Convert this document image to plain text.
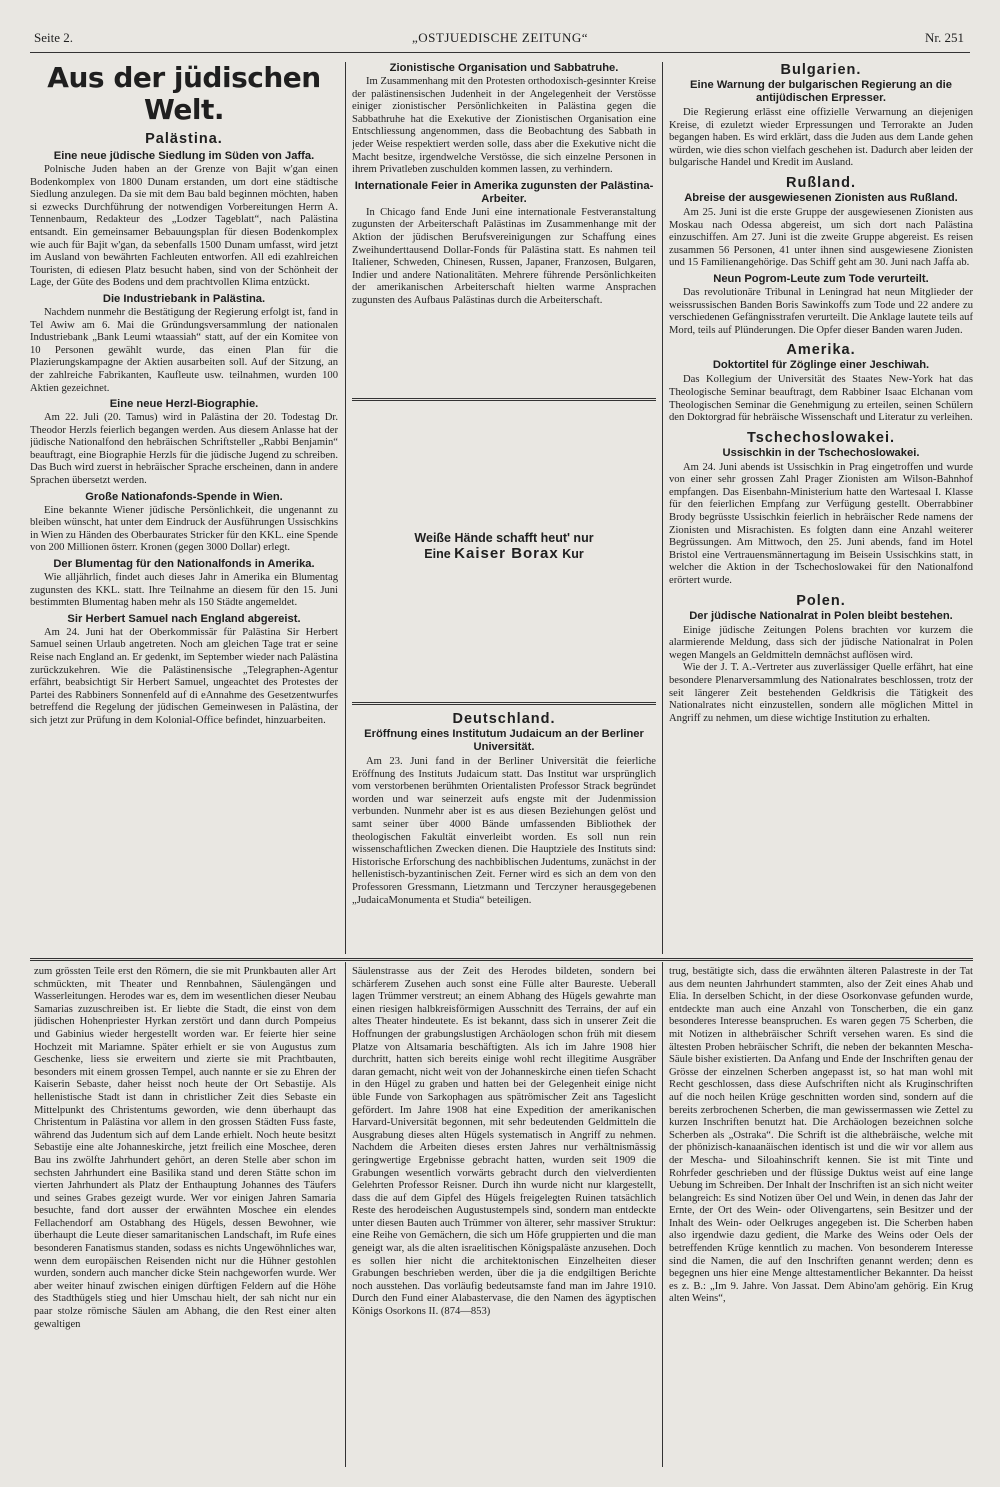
Seite 2.	„OSTJUEDISCHE ZEITUNG“	Nr. 251
Aus der jüdischen Welt.
Palästina.
Eine neue jüdische Siedlung im Süden von Jaffa.

Polnische Juden haben an der Grenze von Bajit w'gan einen Bodenkomplex von 1800 Dunam erstanden, um dort eine städtische Siedlung anzulegen. Da sie mit dem Bau bald beginnen möchten, haben si ezwecks Durchführung der notwendigen Vorbereitungen Herrn A. Tennenbaum, Redakteur des „Lodzer Tageblatt“, nach Palästina entsandt. Ein gemeinsamer Bebauungsplan für diesen Bodenkomplex wie auch für Bajit w'gan, da sebenfalls 1500 Dunam umfasst, wird jetzt im Ausland von bewährten Fachleuten entworfen. All edi ezahlreichen Touristen, di ediesen Platz besucht haben, sind von der Schönheit der Lage, der Güte des Bodens und dem prachtvollen Klima entzückt.

Die Industriebank in Palästina.

Nachdem nunmehr die Bestätigung der Regierung erfolgt ist, fand in Tel Awiw am 6. Mai die Gründungsversammlung der nationalen Industriebank „Bank Leumi wtaassiah“ statt, auf der ein Komitee von 10 Personen gewählt wurde, das einen Plan für die Plazierungskampagne der Aktien ausarbeiten soll. Auf der Sitzung, an der zahlreiche Fabrikanten, Kaufleute usw. teilnahmen, wurden 100 Aktien gezeichnet.

Eine neue Herzl-Biographie.

Am 22. Juli (20. Tamus) wird in Palästina der 20. Todestag Dr. Theodor Herzls feierlich begangen werden. Aus diesem Anlasse hat der jüdische Nationalfond den hebräischen Schriftsteller „Rabbi Benjamin“ beauftragt, eine Biographie Herzls für die jüdische Jugend zu schreiben. Das Buch wird zuerst in hebräischer Sprache erscheinen, dann in andere Sprachen übersetzt werden.

Große Nationafonds-Spende in Wien.

Eine bekannte Wiener jüdische Persönlichkeit, die ungenannt zu bleiben wünscht, hat unter dem Eindruck der Ausführungen Ussischkins in Wien zu Händen des Oberbaurates Stricker für den KKL. eine Spende von 200 Millionen österr. Kronen (gegen 3000 Dollar) erlegt.

Der Blumentag für den Nationalfonds in Amerika.

Wie alljährlich, findet auch dieses Jahr in Amerika ein Blumentag zugunsten des KKL. statt. Ihre Teilnahme an diesem für den 15. Juni bestimmten Blumentag haben mehr als 150 Städte angemeldet.

Sir Herbert Samuel nach England abgereist.

Am 24. Juni hat der Oberkommissär für Palästina Sir Herbert Samuel seinen Urlaub angetreten. Noch am gleichen Tage trat er seine Reise nach England an. Er gedenkt, im September wieder nach Palästina zurückzukehren. Wie die Palästinensische „Telegraphen-Agentur erfährt, beabsichtigt Sir Herbert Samuel, ungeachtet des Protestes der Partei des Rabbiners Sonnenfeld auf di eAnnahme des Gesetzentwurfes betreffend die Regelung der jüdischen Gemeinwesen in Palästina, der sich jetzt zur Prüfung in dem Kolonial-Office befindet, hinzuarbeiten.

Zionistische Organisation und Sabbatruhe.

Im Zusammenhang mit den Protesten orthodoxisch-gesinnter Kreise der palästinensischen Judenheit in der Angelegenheit der Verstösse einiger zionistischer Persönlichkeiten in Palästina gegen die Sabbathruhe hat die Exekutive der Zionistischen Organisation eine Entschliessung angenommen, dass die Beobachtung des Sabbath in jeder Weise respektiert werden solle, dass aber die Exekutive nicht die Macht besitze, irgendwelche Verstösse, die sich einzelne Personen in ihrem Privatleben zuschulden kommen lassen, zu verhindern.

Internationale Feier in Amerika zugunsten der Palästina-Arbeiter.

In Chicago fand Ende Juni eine internationale Festveranstaltung zugunsten der Arbeiterschaft Palästinas im Zusammenhange mit der Aktion der jüdischen Berufsvereinigungen zur Schaffung eines Zweihunderttausend Dollar-Fonds für Palästina statt. Es nahmen teil Italiener, Schweden, Chinesen, Russen, Japaner, Franzosen, Bulgaren, Indier und andere Nationalitäten. Mehrere führende Persönlichkeiten der amerikanischen Arbeiterschaft hielten warme Ansprachen zugunsten des Aufbaus Palästinas durch die Arbeiterschaft.

Weiße Hände schafft heut' nur
Eine Kaiser Borax Kur
Deutschland.
Eröffnung eines Institutum Judaicum an der Berliner Universität.

Am 23. Juni fand in der Berliner Universität die feierliche Eröffnung des Instituts Judaicum statt. Das Institut war ursprünglich vom verstorbenen berühmten Orientalisten Professor Strack begründet worden und war seinerzeit aufs engste mit der Judenmission verbunden. Nunmehr aber ist es aus diesen Beziehungen gelöst und samt seiner über 4000 Bände umfassenden Bibliothek der theologischen Fakultät einverleibt worden. Es soll nun rein wissenschaftlichen Zwecken dienen. Die Hauptziele des Instituts sind: Historische Erforschung des nachbiblischen Judentums, zunächst in der hellenistisch-byzantinischen Zeit. Ferner wird es sich an dem von den Professoren Gressmann, Lietzmann und Terczyner herausgegebenen „JudaicaMonumenta et Studia“ beteiligen.

Bulgarien.
Eine Warnung der bulgarischen Regierung an die antijüdischen Erpresser.

Die Regierung erlässt eine offizielle Verwarnung an diejenigen Kreise, di ezuletzt wieder Erpressungen und Terrorakte an Juden begangen haben. Es wird erklärt, dass die Juden aus dem Lande gehen würden, wie dies schon vielfach geschehen ist. Dadurch aber leiden der bulgarische Handel und Kredit im Ausland.

Rußland.
Abreise der ausgewiesenen Zionisten aus Rußland.

Am 25. Juni ist die erste Gruppe der ausgewiesenen Zionisten aus Moskau nach Odessa abgereist, um sich dort nach Palästina einzuschiffen. Am 27. Juni ist die zweite Gruppe abgereist. Es reisen zusammen 56 Personen, 41 unter ihnen sind ausgewiesene Zionisten und 15 Familienangehörige. Das Schiff geht am 30. Juni nach Jaffa ab.

Neun Pogrom-Leute zum Tode verurteilt.

Das revolutionäre Tribunal in Leningrad hat neun Mitglieder der weissrussischen Banden Boris Sawinkoffs zum Tode und 22 andere zu verschiedenen Gefängnisstrafen verurteilt. Die Anklage lautete teils auf Mord, teils auf Plünderungen. Die Opfer dieser Banden waren Juden.

Amerika.
Doktortitel für Zöglinge einer Jeschiwah.

Das Kollegium der Universität des Staates New-York hat das Theologische Seminar beauftragt, dem Rabbiner Isaac Elchanan vom Theologischen Seminar die Genehmigung zu erteilen, seinen Schülern den Doktorgrad für hebräische Wissenschaft und Literatur zu verleihen.

Tschechoslowakei.
Ussischkin in der Tschechoslowakei.

Am 24. Juni abends ist Ussischkin in Prag eingetroffen und wurde von einer sehr grossen Zahl Prager Zionisten am Wilson-Bahnhof empfangen. Das Eisenbahn-Ministerium hatte den Wartesaal I. Klasse für den feierlichen Empfang zur Verfügung gestellt. Oberrabbiner Brody begrüsste Ussischkin feierlich in hebräischer Rede namens der Zionisten und Misrachisten. Es folgten dann eine Anzahl weiterer Begrüssungen. Am Mittwoch, den 25. Juni abends, fand im Hotel Bristol eine Vertrauensmännertagung im Beisein Ussischkins statt, in welcher die Aktion in der Tschechoslowakei für den Nationalfond erörtert wurde.

Polen.
Der jüdische Nationalrat in Polen bleibt bestehen.

Einige jüdische Zeitungen Polens brachten vor kurzem die alarmierende Meldung, dass sich der jüdische Nationalrat in Polen wegen Mangels an Geldmitteln demnächst auflösen wird.

Wie der J. T. A.-Vertreter aus zuverlässiger Quelle erfährt, hat eine besondere Plenarversammlung des Nationalrates beschlossen, trotz der seit längerer Zeit bestehenden Geldkrisis die Tätigkeit des Nationalrates nicht einzustellen, sondern alle möglichen Mittel in Angriff zu nehmen, um diese wichtige Institution zu erhalten.

zum grössten Teile erst den Römern, die sie mit Prunkbauten aller Art schmückten, mit Theater und Rennbahnen, Säulengängen und Wasserleitungen. Herodes war es, dem im wesentlichen dieser Neubau Samarias zuzuschreiben ist. Er liebte die Stadt, die einst von dem jüdischen Hohenpriester Hyrkan zerstört und dann durch Pompeius und Gabinius wieder hergestellt worden war. Er feierte hier seine Hochzeit mit Mariamne. Später erhielt er sie von Augustus zum Geschenke, liess sie erweitern und zierte sie mit Prachtbauten, besonders mit einem grossen Tempel, auch nannte er sie zu Ehren der Kaiserin Sebaste, daher heisst noch heute der Ort Sebastije. Als hellenistische Stadt ist dann in christlicher Zeit dies Sebaste ein Mittelpunkt des Christentums geworden, wie denn überhaupt das Christentum in Palästina vor allem in den grossen Städten Fuss faste, während das Judentum sich auf dem Lande erhielt. Noch heute besitzt Sebastije eine alte Johanneskirche, jetzt freilich eine Moschee, deren Bau ins zwölfte Jahrhundert gehört, an deren Stelle aber schon im sechsten Jahrhundert eine Basilika stand und deren Stätte schon im vierten Jahrhundert als Platz der Enthauptung Johannes des Täufers und seines Grabes gezeigt wurde. Wer vor einigen Jahren Samaria besuchte, fand dort ausser der erwähnten Moschee ein elendes Fellachendorf am Ostabhang des Hügels, dessen Bewohner, wie überhaupt die Leute dieser samaritanischen Landschaft, im Rufe eines besonderen Fanatismus standen, sodass es nichts Ungewöhnliches war, wenn dem europäischen Reisenden nicht nur die Hühner gestohlen wurden, sondern auch mancher dicke Stein nachgeworfen wurde. Wer aber weiter hinauf zwischen einigen dürftigen Feldern auf die Höhe des Stadthügels stieg und hier Umschau hielt, der sah nicht nur ein paar stolze römische Säulen am Abhang, die den Rest einer alten gewaltigen

Säulenstrasse aus der Zeit des Herodes bildeten, sondern bei schärferem Zusehen auch sonst eine Fülle alter Baureste. Ueberall lagen Trümmer verstreut; an einem Abhang des Hügels gewahrte man einen riesigen halbkreisförmigen Ausschnitt des Terrains, der auf ein altes Theater hindeutete. Es ist bekannt, dass sich in unserer Zeit die Hoffnungen der grabungslustigen Archäologen schon früh mit diesem Platze von Altsamaria beschäftigten. Als ich im Jahre 1908 hier durchritt, hatten sich bereits einige wohl recht illegitime Ausgräber daran gemacht, nicht weit von der Johanneskirche einen tiefen Schacht in den Hügel zu graben und hatten bei der Gelegenheit einige nicht üble Funde von Sarkophagen aus spätrömischer Zeit ans Tageslicht gefördert. Im Jahre 1908 hat eine Expedition der amerikanischen Harvard-Universität begonnen, mit sehr bedeutenden Geldmitteln die Ausgrabung dieses alten Hügels systematisch in Angriff zu nehmen. Nachdem die Arbeiten dieses ersten Jahres nur verhältnismässig geringwertige Ergebnisse gebracht hatten, wurden seit 1909 die Grabungen wesentlich vorwärts gebracht durch den vielverdienten Gelehrten Professor Reisner. Durch ihn wurde nicht nur klargestellt, dass die auf dem Gipfel des Hügels freigelegten Ruinen tatsächlich Reste des herodeischen Augustustempels sind, sondern man entdeckte unter diesen Bauten auch Trümmer von älterer, sehr massiver Struktur: eine Reihe von Gemächern, die sich um Höfe gruppierten und die man geneigt war, als die alten israelitischen Königspaläste anzusehen. Doch es sollen hier nicht die architektonischen Einzelheiten dieser Grabungen beschrieben werden, über die ja die endgiltigen Berichte noch ausstehen. Das vorläufig bedeutsamste fand man im Jahre 1910. Durch den Fund einer Alabastervase, die den Namen des ägyptischen Königs Osorkons II. (874—853)

trug, bestätigte sich, dass die erwähnten älteren Palastreste in der Tat aus dem neunten Jahrhundert stammten, also der Zeit eines Ahab und Elia. In derselben Schicht, in der diese Osorkonvase gefunden wurde, entdeckte man auch eine Anzahl von Tonscherben, die ein ganz besonderes Interesse beanspruchen. Es waren gegen 75 Scherben, die mit Notizen in althebräischer Schrift versehen waren. Es sind die ältesten Proben hebräischer Schrift, die neben der bekannten Mescha-Säule bisher existierten. Da Anfang und Ende der Inschriften genau der Grösse der einzelnen Scherben angepasst ist, so hat man wohl mit Recht geschlossen, dass diese Aufschriften nicht als Kruginschriften auf die noch heilen Krüge geschnitten worden sind, sondern auf die bereits zerbrochenen Scherben, die man gewissermassen wie Zettel zu kurzen Inschriften benutzt hat. Die Archäologen bezeichnen solche Scherben als „Ostraka“. Die Schrift ist die althebräische, welche mit der phönizisch-kanaanäischen identisch ist und die wir vor allem aus der Mescha- und Siloahinschrift kennen. Sie ist mit Tinte und Rohrfeder geschrieben und der flüssige Duktus weist auf eine lange Uebung im Schreiben. Der Inhalt der Inschriften ist an sich nicht weiter belangreich: Es sind Notizen über Oel und Wein, in denen das Jahr der Ernte, der Ort des Wein- oder Olivengartens, sein Besitzer und der Inhalt des Wein- oder Oelkruges angegeben ist. Die Scherben haben also irgendwie dazu gedient, die Marke des Weins oder Oels der betreffenden Krüge kenntlich zu machen. Von besonderem Interesse sind die Namen, die auf den Inschriften genannt werden; denn es begegnen uns hier eine Menge alttestamentlicher Bekannter. Da heisst es z. B.: „Im 9. Jahre. Von Jassat. Dem Abino'am gehörig. Ein Krug alten Weins“,
